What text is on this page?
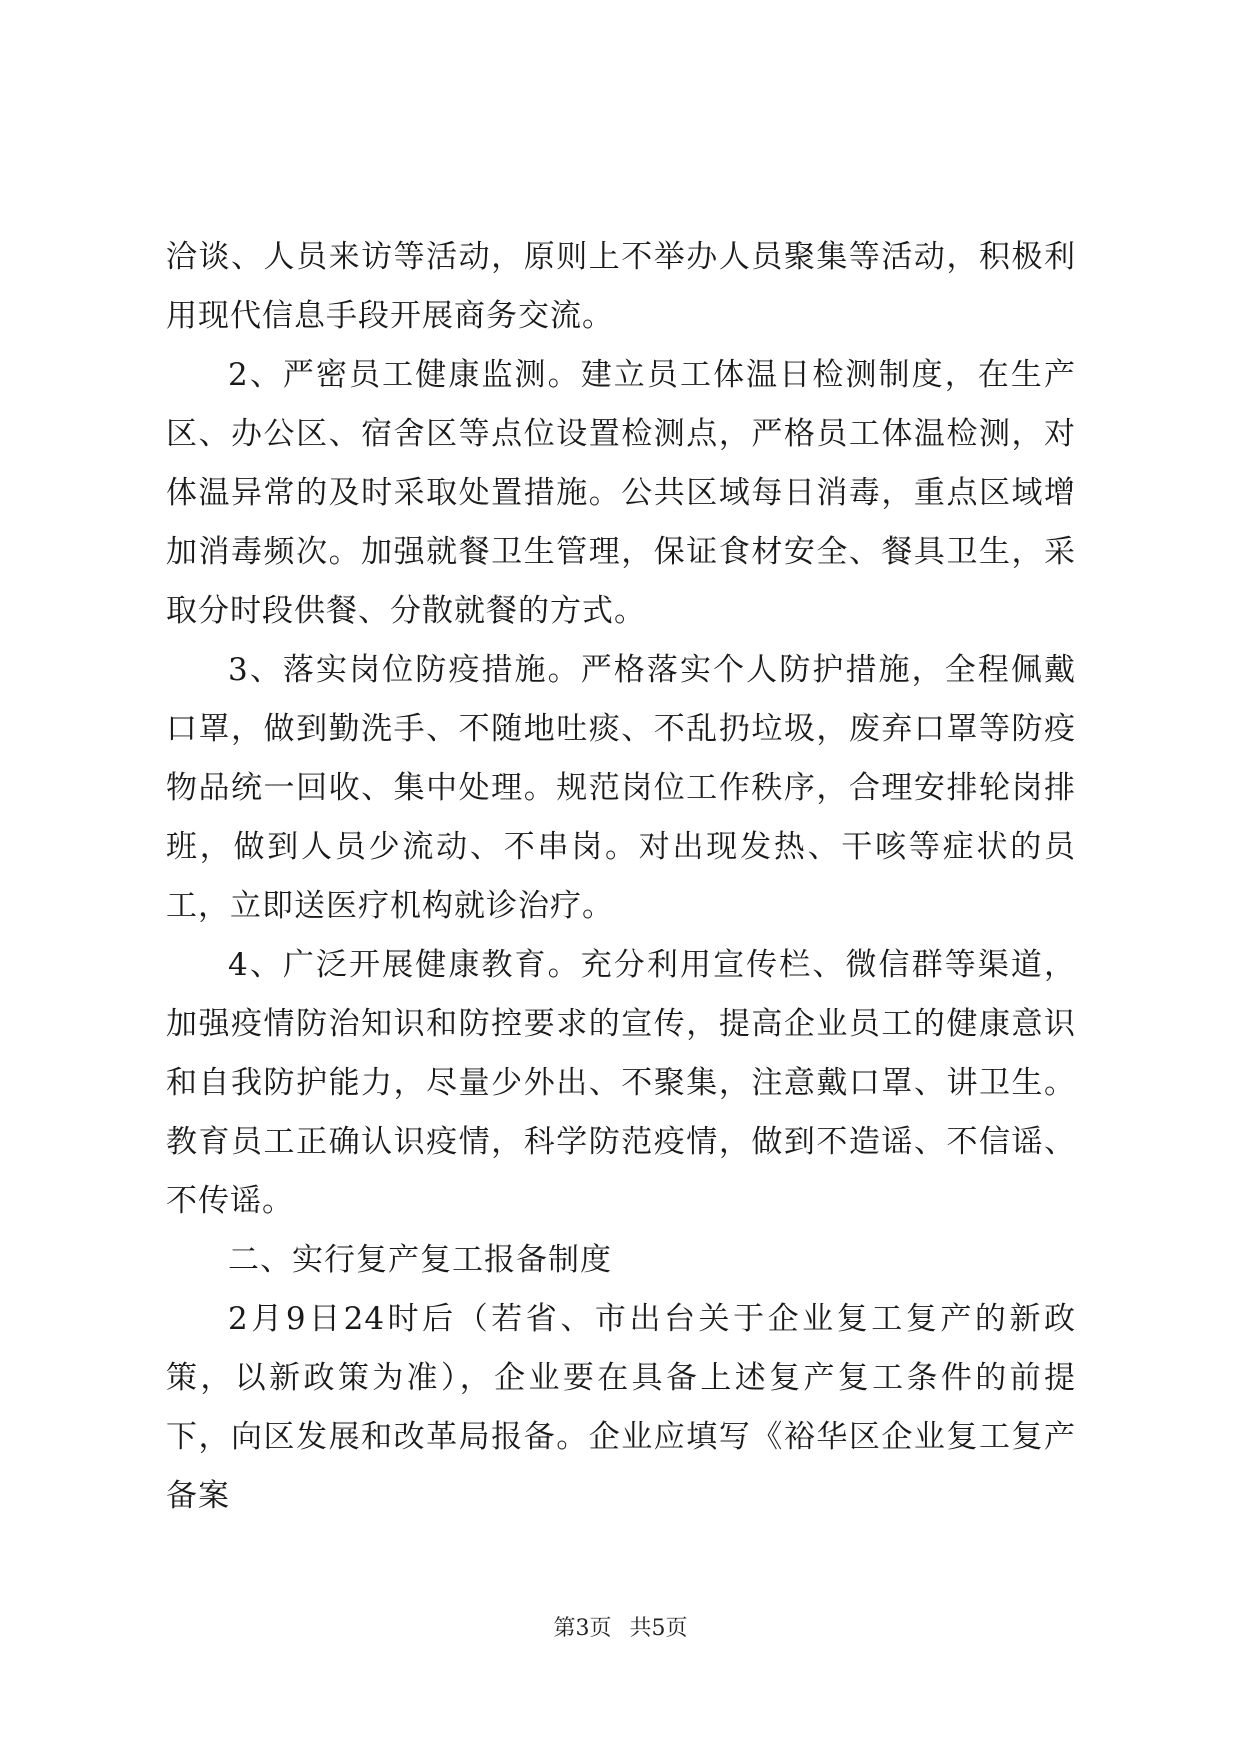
洽谈、人员来访等活动，原则上不举办人员聚集等活动，积极利用现代信息手段开展商务交流。

2、严密员工健康监测。建立员工体温日检测制度，在生产区、办公区、宿舍区等点位设置检测点，严格员工体温检测，对体温异常的及时采取处置措施。公共区域每日消毒，重点区域增加消毒频次。加强就餐卫生管理，保证食材安全、餐具卫生，采取分时段供餐、分散就餐的方式。

3、落实岗位防疫措施。严格落实个人防护措施，全程佩戴口罩，做到勤洗手、不随地吐痰、不乱扔垃圾，废弃口罩等防疫物品统一回收、集中处理。规范岗位工作秩序，合理安排轮岗排班，做到人员少流动、不串岗。对出现发热、干咳等症状的员工，立即送医疗机构就诊治疗。

4、广泛开展健康教育。充分利用宣传栏、微信群等渠道，加强疫情防治知识和防控要求的宣传，提高企业员工的健康意识和自我防护能力，尽量少外出、不聚集，注意戴口罩、讲卫生。教育员工正确认识疫情，科学防范疫情，做到不造谣、不信谣、不传谣。

二、实行复产复工报备制度

2月9日24时后（若省、市出台关于企业复工复产的新政策，以新政策为准），企业要在具备上述复产复工条件的前提下，向区发展和改革局报备。企业应填写《裕华区企业复工复产备案

第3页 共5页
